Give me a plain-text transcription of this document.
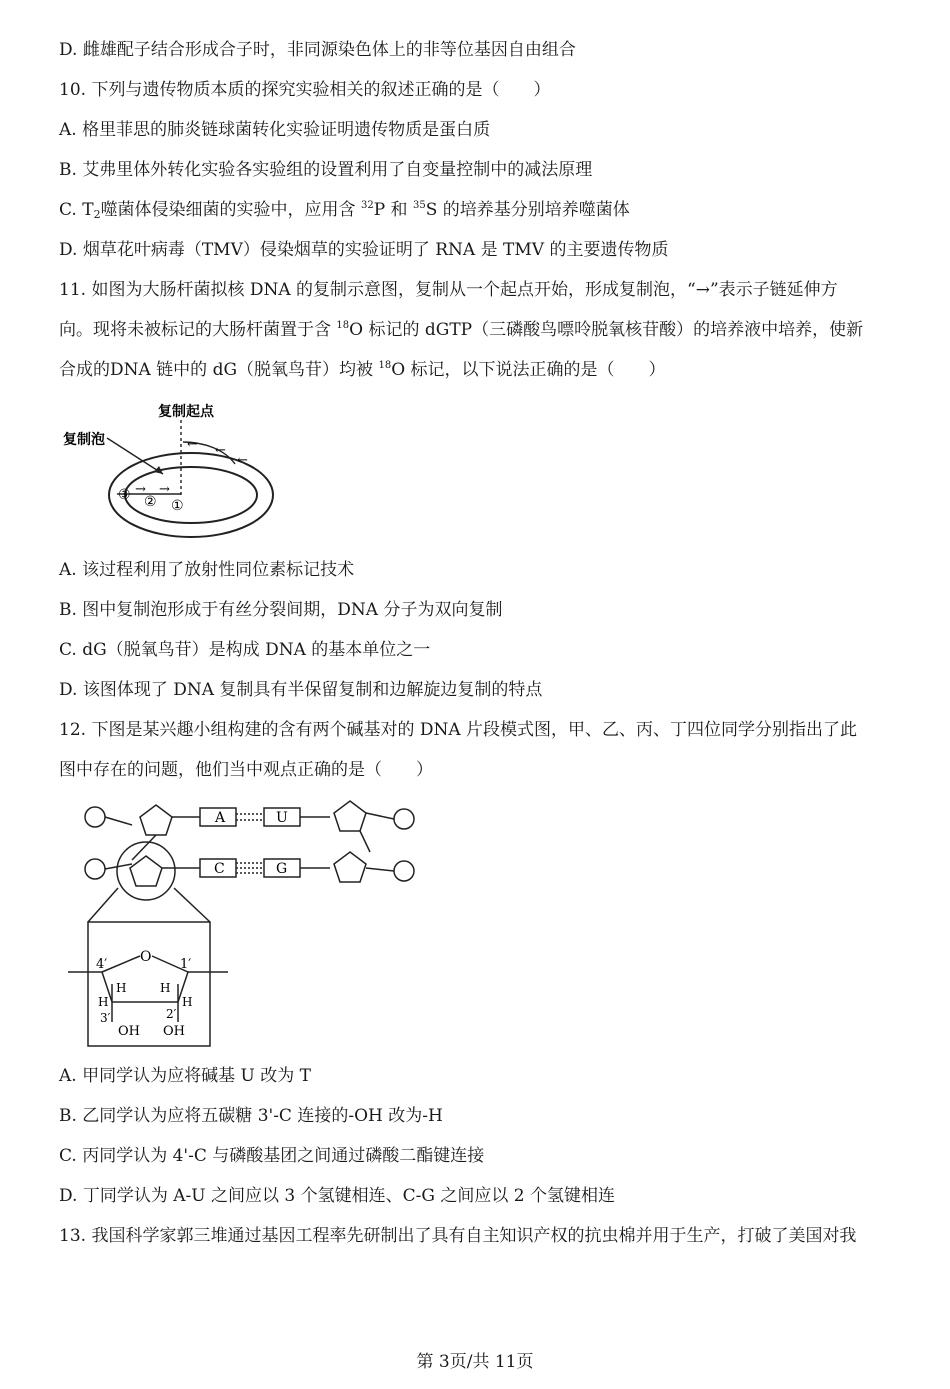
D. 雌雄配子结合形成合子时，非同源染色体上的非等位基因自由组合
10. 下列与遗传物质本质的探究实验相关的叙述正确的是（　　）
A. 格里菲思的肺炎链球菌转化实验证明遗传物质是蛋白质
B. 艾弗里体外转化实验各实验组的设置利用了自变量控制中的减法原理
C. $T_2$噬菌体侵染细菌的实验中，应用含 $^{32}$P 和 $^{35}$S 的培养基分别培养噬菌体
D. 烟草花叶病毒（TMV）侵染烟草的实验证明了 RNA 是 TMV 的主要遗传物质
11. 如图为大肠杆菌拟核 DNA 的复制示意图，复制从一个起点开始，形成复制泡，“→”表示子链延伸方
向。现将未被标记的大肠杆菌置于含 $^{18}$O 标记的 dGTP（三磷酸鸟嘌呤脱氧核苷酸）的培养液中培养，使新
合成的DNA 链中的 dG（脱氧鸟苷）均被 $^{18}$O 标记，以下说法正确的是（　　）
复制起点
复制泡	← ←
←
→ →
③ ② ①
A. 该过程利用了放射性同位素标记技术
B. 图中复制泡形成于有丝分裂间期，DNA 分子为双向复制
C. dG（脱氧鸟苷）是构成 DNA 的基本单位之一
D. 该图体现了 DNA 复制具有半保留复制和边解旋边复制的特点
12. 下图是某兴趣小组构建的含有两个碱基对的 DNA 片段模式图，甲、乙、丙、丁四位同学分别指出了此
图中存在的问题，他们当中观点正确的是（　　）
A	U
C	G
O
4′	1′
H
H
H
H
3′	2′
OH OH
A. 甲同学认为应将碱基 U 改为 T
B. 乙同学认为应将五碳糖 3'-C 连接的-OH 改为-H
C. 丙同学认为 4'-C 与磷酸基团之间通过磷酸二酯键连接
D. 丁同学认为 A-U 之间应以 3 个氢键相连、C-G 之间应以 2 个氢键相连
13. 我国科学家郭三堆通过基因工程率先研制出了具有自主知识产权的抗虫棉并用于生产，打破了美国对我
第 3页/共 11页
